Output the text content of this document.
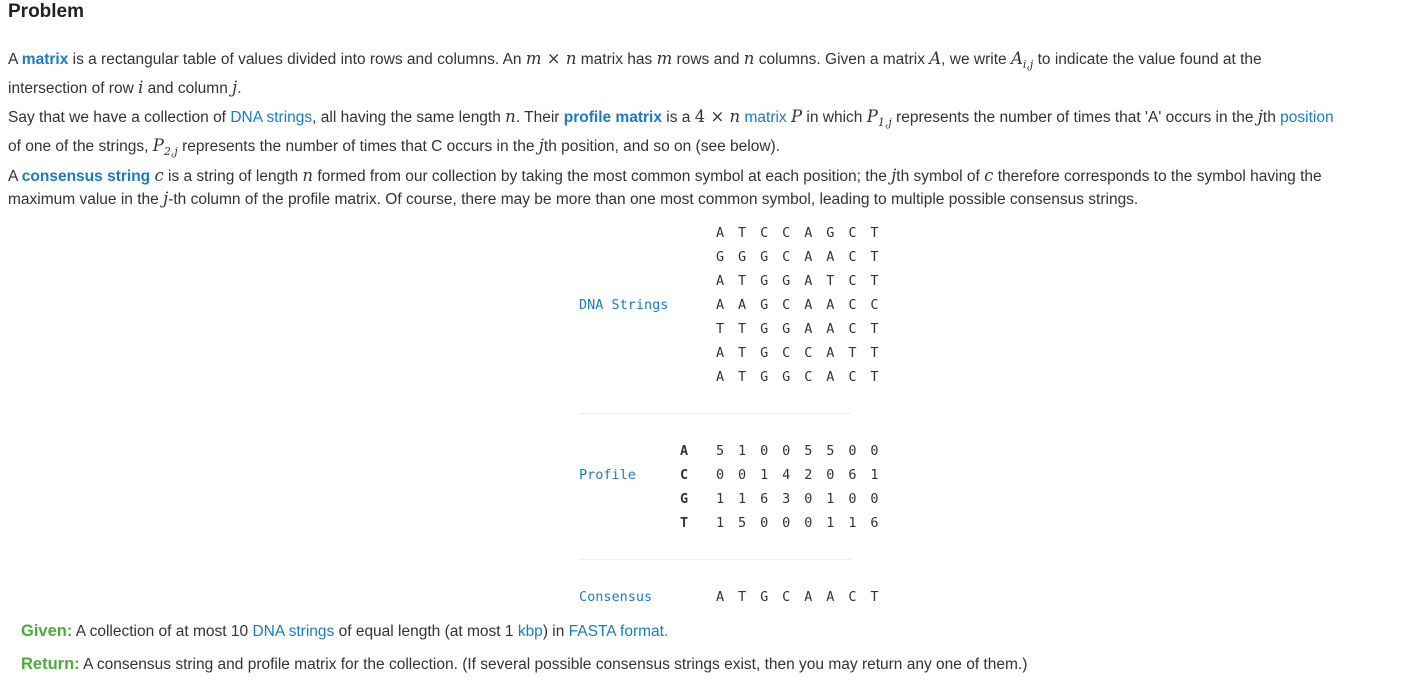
Problem

A matrix is a rectangular table of values divided into rows and columns. An m × n matrix has m rows and n columns. Given a matrix A, we write $A_{i,j}$ to indicate the value found at the
intersection of row i and column j.

Say that we have a collection of DNA strings, all having the same length n. Their profile matrix is a 4 × n matrix P in which $P_{1,j}$ represents the number of times that 'A' occurs in the jth position
of one of the strings, $P_{2,j}$ represents the number of times that C occurs in the jth position, and so on (see below).

A consensus string c is a string of length n formed from our collection by taking the most common symbol at each position; the jth symbol of c therefore corresponds to the symbol having the
maximum value in the j-th column of the profile matrix. Of course, there may be more than one most common symbol, leading to multiple possible consensus strings.

DNA Strings
A T C C A G C T
G G G C A A C T
A T G G A T C T
A A G C A A C C
T T G G A A C T
A T G C C A T T
A T G G C A C T
Profile
A 5 1 0 0 5 5 0 0
C 0 0 1 4 2 0 6 1
G 1 1 6 3 0 1 0 0
T 1 5 0 0 0 1 1 6
Consensus	A T G C A A C T
Given: A collection of at most 10 DNA strings of equal length (at most 1 kbp) in FASTA format.
Return: A consensus string and profile matrix for the collection. (If several possible consensus strings exist, then you may return any one of them.)
